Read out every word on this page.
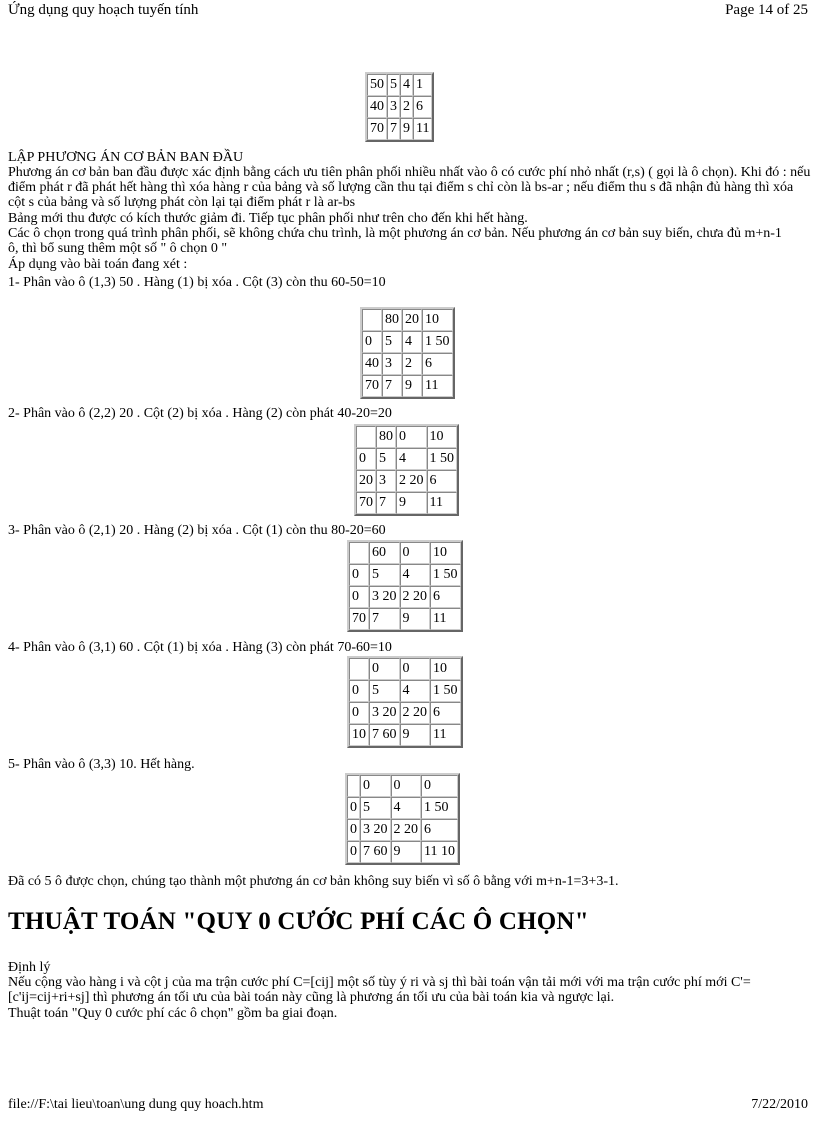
Ứng dụng quy hoạch tuyến tính	Page 14 of 25
50	5	4	1
40	3	2	6
70	7	9	11
LẬP PHƯƠNG ÁN CƠ BẢN BAN ĐẦU
Phương án cơ bản ban đầu được xác định bằng cách ưu tiên phân phối nhiều nhất vào ô có cước phí nhỏ nhất (r,s) ( gọi là ô chọn). Khi đó : nếu điểm phát r đã phát hết hàng thì xóa hàng r của bảng và số lượng cần thu tại điểm s chỉ còn là bs-ar ; nếu điểm thu s đã nhận đủ hàng thì xóa cột s của bảng và số lượng phát còn lại tại điểm phát r là ar-bs
Bảng mới thu được có kích thước giảm đi. Tiếp tục phân phối như trên cho đến khi hết hàng.
Các ô chọn trong quá trình phân phối, sẽ không chứa chu trình, là một phương án cơ bản. Nếu phương án cơ bản suy biến, chưa đủ m+n-1 ô, thì bổ sung thêm một số " ô chọn 0 "
Áp dụng vào bài toán đang xét :
1- Phân vào ô (1,3) 50 . Hàng (1) bị xóa . Cột (3) còn thu 60-50=10
	80	20	10
0	5	4	1 50
40	3	2	6
70	7	9	11
2- Phân vào ô (2,2) 20 . Cột (2) bị xóa . Hàng (2) còn phát 40-20=20
	80	0	10
0	5	4	1 50
20	3	2 20	6
70	7	9	11
3- Phân vào ô (2,1) 20 . Hàng (2) bị xóa . Cột (1) còn thu 80-20=60
	60	0	10
0	5	4	1 50
0	3 20	2 20	6
70	7	9	11
4- Phân vào ô (3,1) 60 . Cột (1) bị xóa . Hàng (3) còn phát 70-60=10
	0	0	10
0	5	4	1 50
0	3 20	2 20	6
10	7 60	9	11
5- Phân vào ô (3,3) 10. Hết hàng.
	0	0	0
0	5	4	1 50
0	3 20	2 20	6
0	7 60	9	11 10
Đã có 5 ô được chọn, chúng tạo thành một phương án cơ bản không suy biến vì số ô bằng với m+n-1=3+3-1.
THUẬT TOÁN "QUY 0 CƯỚC PHÍ CÁC Ô CHỌN"
Định lý
Nếu cộng vào hàng i và cột j của ma trận cước phí C=[cij] một số tùy ý ri và sj thì bài toán vận tải mới với ma trận cước phí mới C'=[c'ij=cij+ri+sj] thì phương án tối ưu của bài toán này cũng là phương án tối ưu của bài toán kia và ngược lại.
Thuật toán "Quy 0 cước phí các ô chọn" gồm ba giai đoạn.
file://F:\tai lieu\toan\ung dung quy hoach.htm	7/22/2010
